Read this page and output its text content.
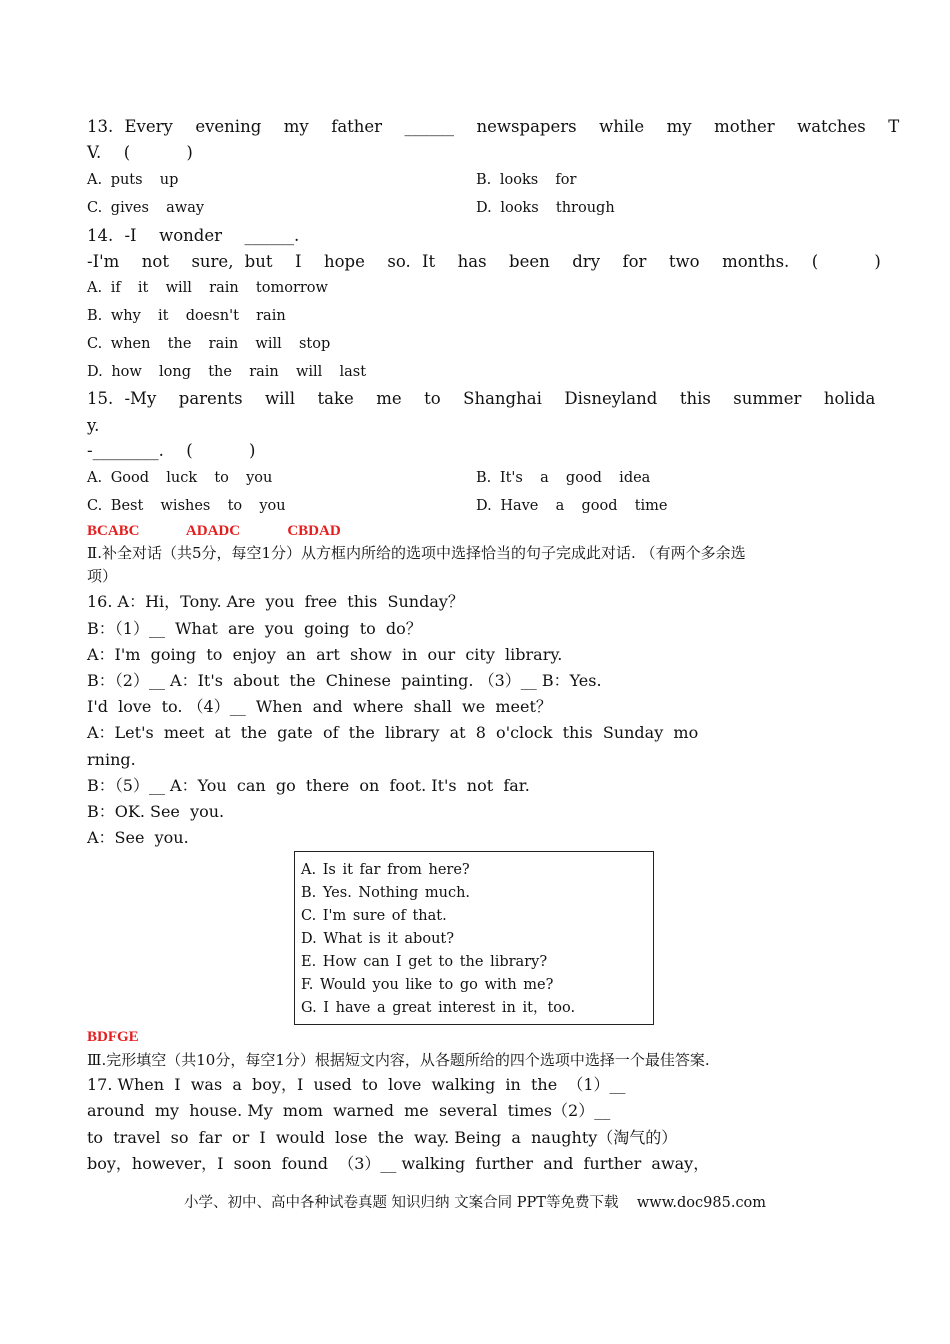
13. Every  evening  my  father  ______  newspapers  while  my  mother  watches  T
V.  (     )
A. puts  up	B. looks  for
C. gives  away	D. looks  through
14. -I  wonder  ______.
-I'm  not  sure, but  I  hope  so. It  has  been  dry  for  two  months.  (     )
A. if  it  will  rain  tomorrow
B. why  it  doesn't  rain
C. when  the  rain  will  stop
D. how  long  the  rain  will  last
15. -My  parents  will  take  me  to  Shanghai  Disneyland  this  summer  holida
y.
-________.  (     )
A. Good  luck  to  you	B. It's  a  good  idea
C. Best  wishes  to  you	D. Have  a  good  time
BCABC   ADADC   CBDAD
Ⅱ.补全对话（共5分，每空1分）从方框内所给的选项中选择恰当的句子完成此对话. （有两个多余选
项）
16. A：Hi，Tony. Are  you  free  this  Sunday？
B：（1）__  What  are  you  going  to  do？
A：I'm  going  to  enjoy  an  art  show  in  our  city  library.
B：（2）__ A：It's  about  the  Chinese  painting. （3）__ B：Yes.
I'd  love  to. （4）__  When  and  where  shall  we  meet？
A：Let's  meet  at  the  gate  of  the  library  at  8  o'clock  this  Sunday  mo
rning.
B：（5）__ A：You  can  go  there  on  foot. It's  not  far.
B：OK. See  you.
A：See  you.
A. Is it far from here?
B. Yes. Nothing much.
C. I'm sure of that.
D. What is it about?
E. How can I get to the library?
F. Would you like to go with me?
G. I have a great interest in it，too.
BDFGE
Ⅲ.完形填空（共10分，每空1分）根据短文内容，从各题所给的四个选项中选择一个最佳答案.
17. When  I  was  a  boy，I  used  to  love  walking  in  the  （1）__
around  my  house. My  mom  warned  me  several  times（2）__
to  travel  so  far  or  I  would  lose  the  way. Being  a  naughty（淘气的）
boy，however，I  soon  found  （3）__ walking  further  and  further  away，
小学、初中、高中各种试卷真题 知识归纳 文案合同 PPT等免费下载    www.doc985.com
